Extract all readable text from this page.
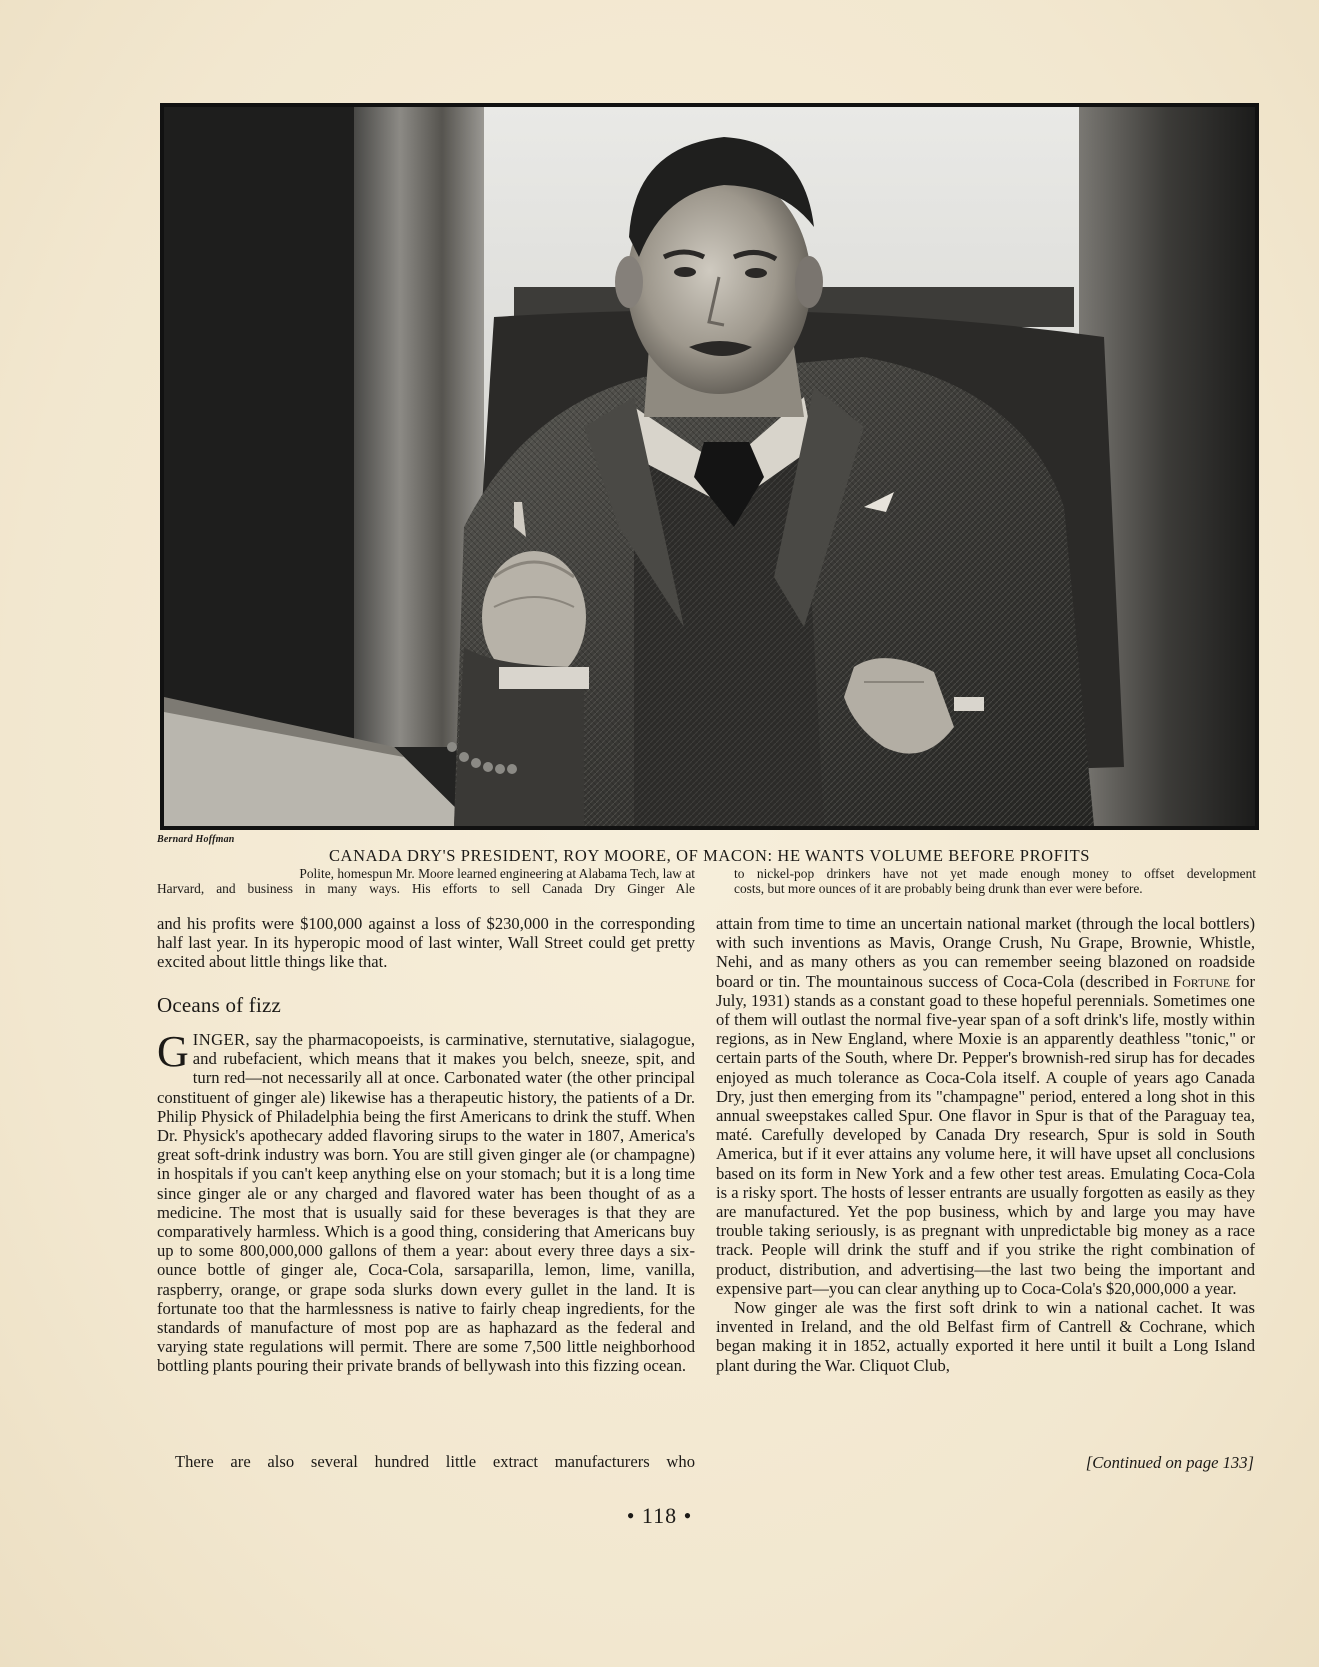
Bernard Hoffman
CANADA DRY'S PRESIDENT, ROY MOORE, OF MACON: HE WANTS VOLUME BEFORE PROFITS
Polite, homespun Mr. Moore learned engineering at Alabama Tech, law at
Harvard, and business in many ways. His efforts to sell Canada Dry Ginger Ale
to nickel-pop drinkers have not yet made enough money to offset development
costs, but more ounces of it are probably being drunk than ever were before.

and his profits were $100,000 against a loss of $230,000 in the corresponding half last year. In its hyperopic mood of last winter, Wall Street could get pretty excited about little things like that.

Oceans of fizz

GINGER, say the pharmacopoeists, is carminative, sternutative, sialagogue, and rubefacient, which means that it makes you belch, sneeze, spit, and turn red—not necessarily all at once. Carbonated water (the other principal constituent of ginger ale) likewise has a therapeutic history, the patients of a Dr. Philip Physick of Philadelphia being the first Americans to drink the stuff. When Dr. Physick's apothecary added flavoring sirups to the water in 1807, America's great soft-drink industry was born. You are still given ginger ale (or champagne) in hospitals if you can't keep anything else on your stomach; but it is a long time since ginger ale or any charged and flavored water has been thought of as a medicine. The most that is usually said for these beverages is that they are comparatively harmless. Which is a good thing, considering that Americans buy up to some 800,000,000 gallons of them a year: about every three days a six-ounce bottle of ginger ale, Coca-Cola, sarsaparilla, lemon, lime, vanilla, raspberry, orange, or grape soda slurks down every gullet in the land. It is fortunate too that the harmlessness is native to fairly cheap ingredients, for the standards of manufacture of most pop are as haphazard as the federal and varying state regulations will permit. There are some 7,500 little neighborhood bottling plants pouring their private brands of bellywash into this fizzing ocean.

There are also several hundred little extract manufacturers who

attain from time to time an uncertain national market (through the local bottlers) with such inventions as Mavis, Orange Crush, Nu Grape, Brownie, Whistle, Nehi, and as many others as you can remember seeing blazoned on roadside board or tin. The mountainous success of Coca-Cola (described in Fortune for July, 1931) stands as a constant goad to these hopeful perennials. Sometimes one of them will outlast the normal five-year span of a soft drink's life, mostly within regions, as in New England, where Moxie is an apparently deathless "tonic," or certain parts of the South, where Dr. Pepper's brownish-red sirup has for decades enjoyed as much tolerance as Coca-Cola itself. A couple of years ago Canada Dry, just then emerging from its "champagne" period, entered a long shot in this annual sweepstakes called Spur. One flavor in Spur is that of the Paraguay tea, maté. Carefully developed by Canada Dry research, Spur is sold in South America, but if it ever attains any volume here, it will have upset all conclusions based on its form in New York and a few other test areas. Emulating Coca-Cola is a risky sport. The hosts of lesser entrants are usually forgotten as easily as they are manufactured. Yet the pop business, which by and large you may have trouble taking seriously, is as pregnant with unpredictable big money as a race track. People will drink the stuff and if you strike the right combination of product, distribution, and advertising—the last two being the important and expensive part—you can clear anything up to Coca-Cola's $20,000,000 a year.

Now ginger ale was the first soft drink to win a national cachet. It was invented in Ireland, and the old Belfast firm of Cantrell & Cochrane, which began making it in 1852, actually exported it here until it built a Long Island plant during the War. Cliquot Club,

[Continued on page 133]
• 118 •
